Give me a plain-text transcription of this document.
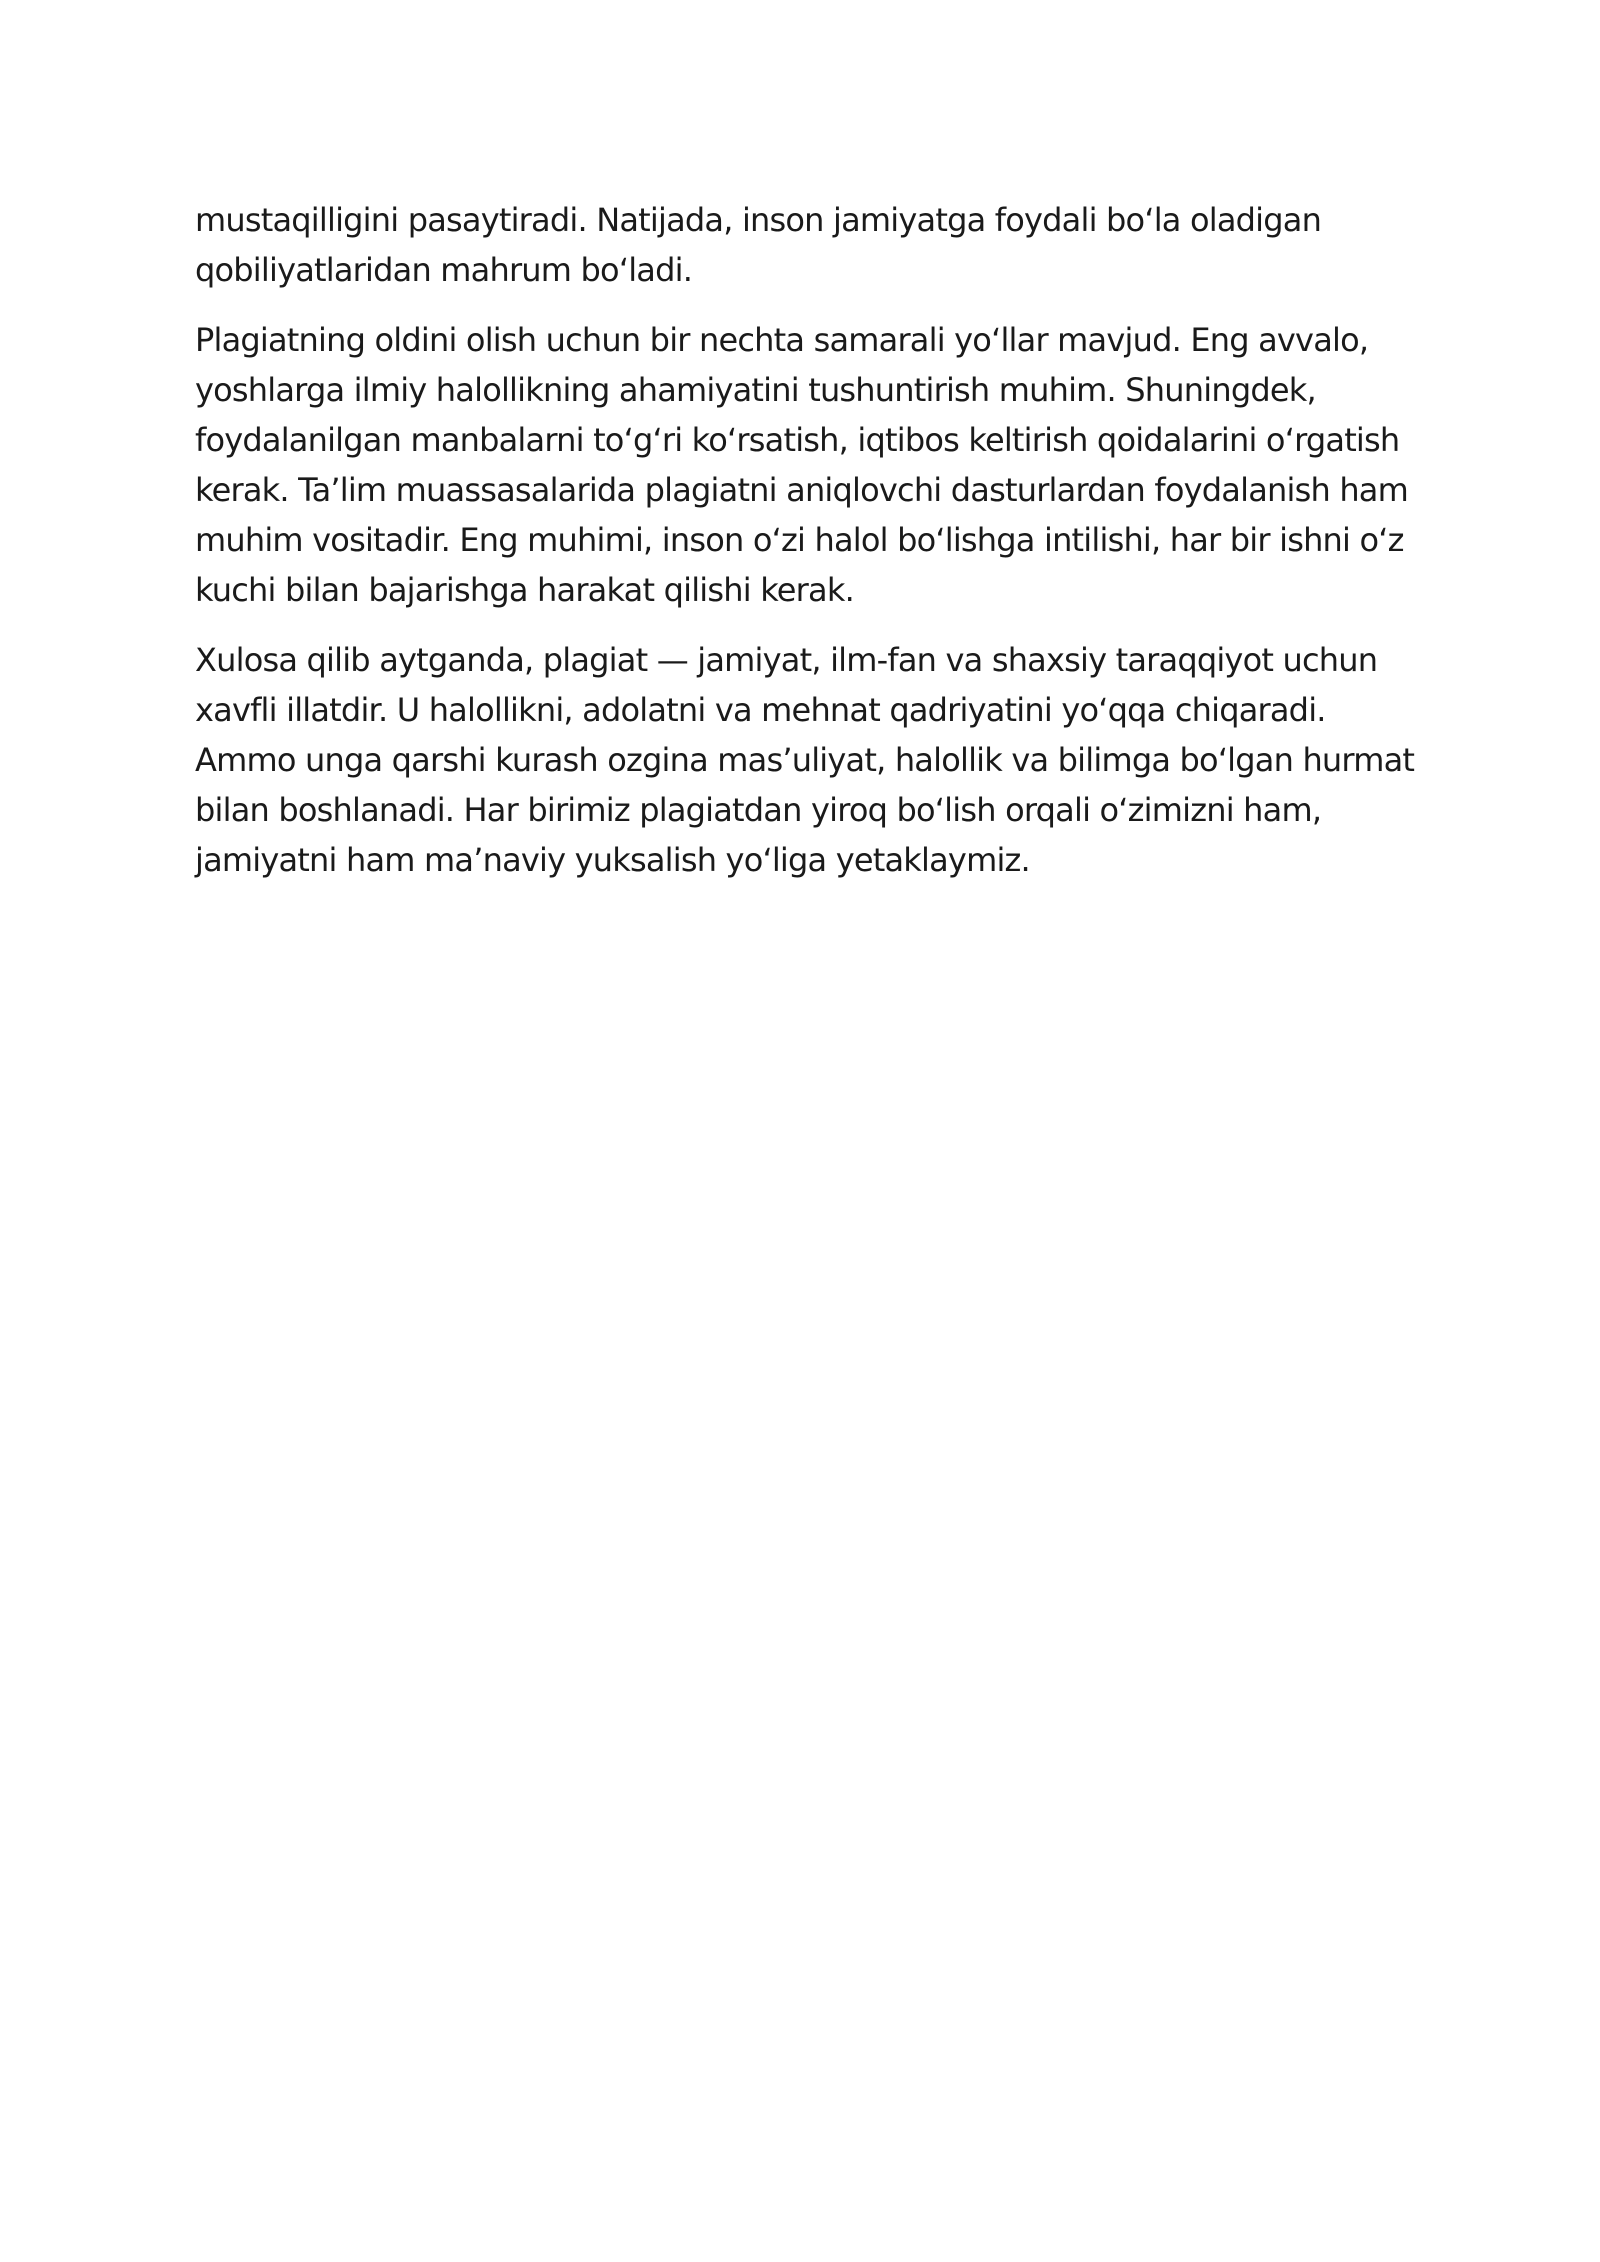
mustaqilligini pasaytiradi. Natijada, inson jamiyatga foydali bo‘la oladigan
qobiliyatlaridan mahrum bo‘ladi.

Plagiatning oldini olish uchun bir nechta samarali yo‘llar mavjud. Eng avvalo,
yoshlarga ilmiy halollikning ahamiyatini tushuntirish muhim. Shuningdek,
foydalanilgan manbalarni to‘g‘ri ko‘rsatish, iqtibos keltirish qoidalarini o‘rgatish
kerak. Ta’lim muassasalarida plagiatni aniqlovchi dasturlardan foydalanish ham
muhim vositadir. Eng muhimi, inson o‘zi halol bo‘lishga intilishi, har bir ishni o‘z
kuchi bilan bajarishga harakat qilishi kerak.

Xulosa qilib aytganda, plagiat — jamiyat, ilm-fan va shaxsiy taraqqiyot uchun
xavfli illatdir. U halollikni, adolatni va mehnat qadriyatini yo‘qqa chiqaradi.
Ammo unga qarshi kurash ozgina mas’uliyat, halollik va bilimga bo‘lgan hurmat
bilan boshlanadi. Har birimiz plagiatdan yiroq bo‘lish orqali o‘zimizni ham,
jamiyatni ham ma’naviy yuksalish yo‘liga yetaklaymiz.
